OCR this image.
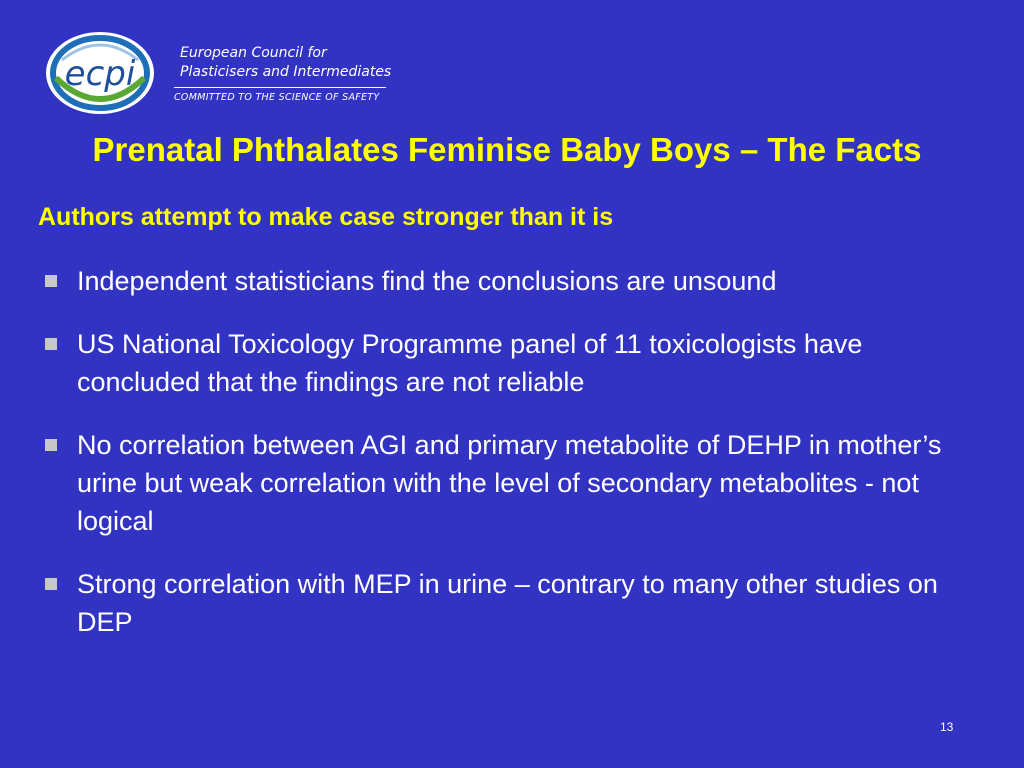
ecpi
European Council for
Plasticisers and Intermediates
COMMITTED TO THE SCIENCE OF SAFETY
Prenatal Phthalates Feminise Baby Boys – The Facts
Authors attempt to make case stronger than it is
Independent statisticians find the conclusions are unsound
US National Toxicology Programme panel of 11 toxicologists have concluded that the findings are not reliable
No correlation between AGI and primary metabolite of DEHP in mother’s urine but weak correlation with the level of secondary metabolites - not logical
Strong correlation with MEP in urine – contrary to many other studies on DEP
13
